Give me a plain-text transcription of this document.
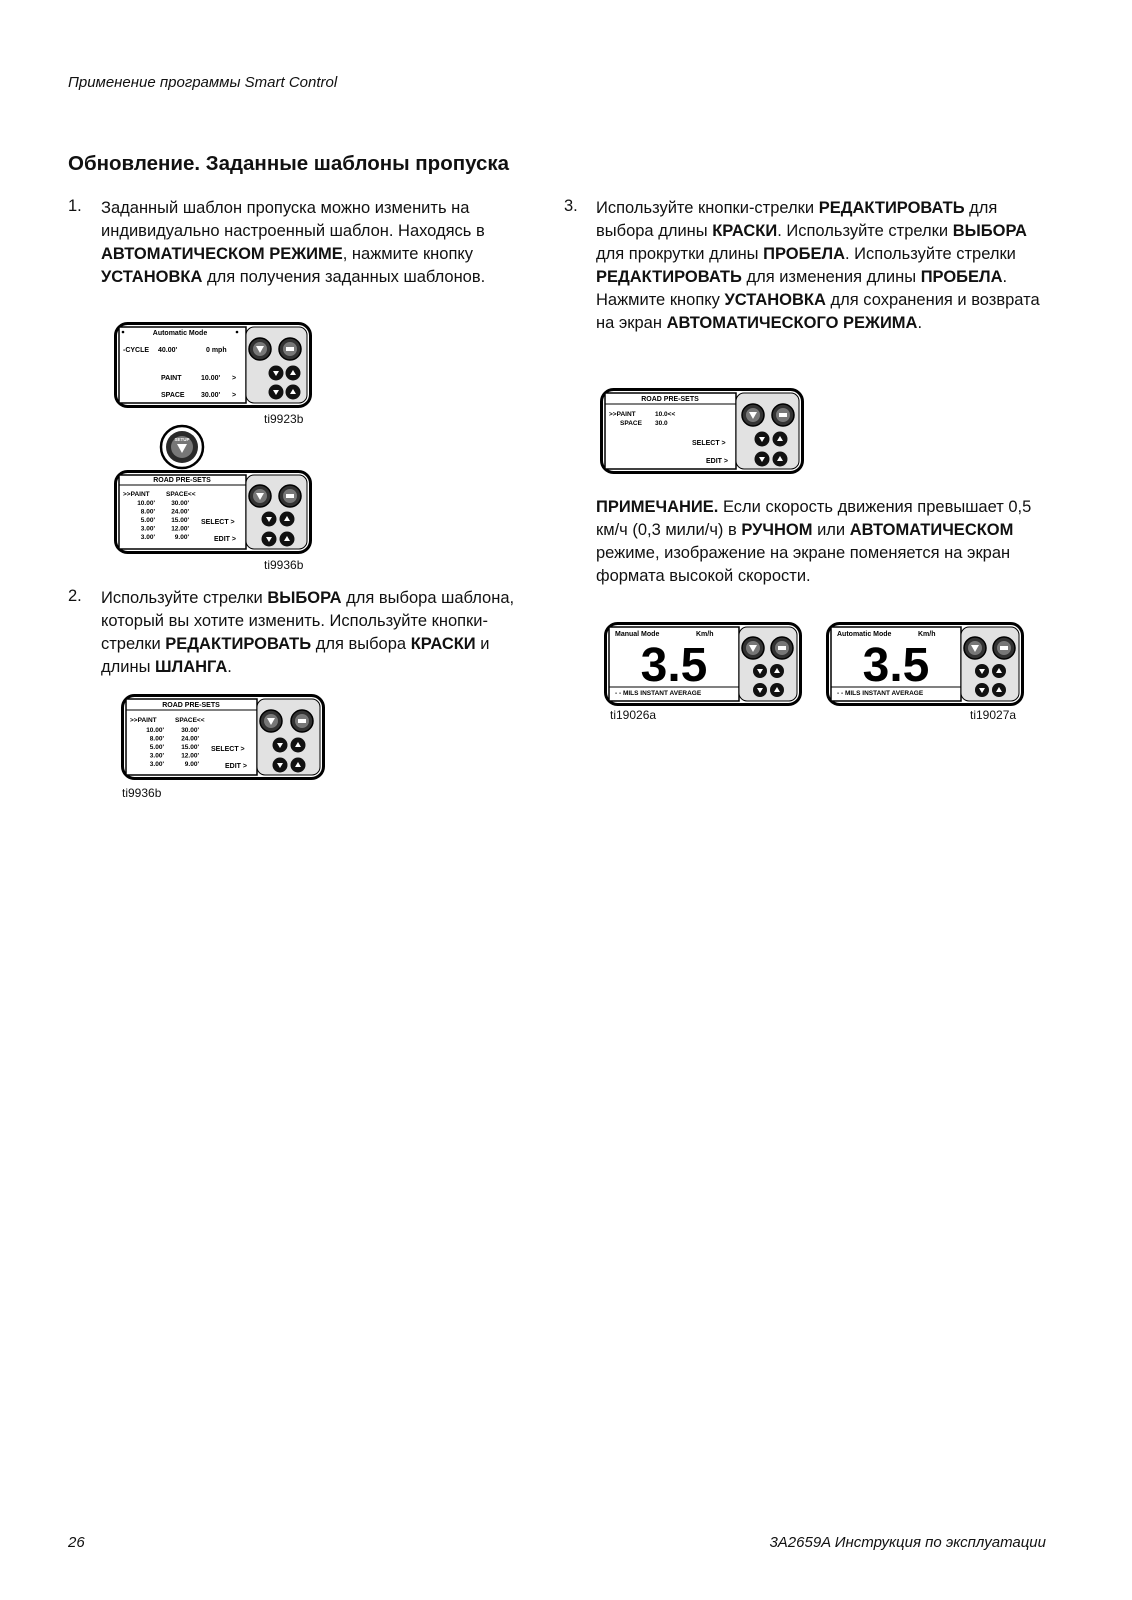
Применение программы Smart Control
Обновление. Заданные шаблоны пропуска
1. Заданный шаблон пропуска можно изменить на индивидуально настроенный шаблон. Находясь в АВТОМАТИЧЕСКОМ РЕЖИМЕ, нажмите кнопку УСТАНОВКА для получения заданных шаблонов.
Automatic Mode
-CYCLE 40.00'	0 mph
PAINT	10.00' >
SPACE 30.00' >
ti9923b
SETUP
ROAD PRE-SETS
>>PAINT	SPACE<<
10.00' 30.00'
8.00' 24.00'
5.00' 15.00'
3.00' 12.00'
3.00'	9.00'
SELECT >
EDIT >
ti9936b
2. Используйте стрелки ВЫБОРА для выбора шаблона, который вы хотите изменить. Используйте кнопки-стрелки РЕДАКТИРОВАТЬ для выбора КРАСКИ и длины ШЛАНГА.
ROAD PRE-SETS
>>PAINT	SPACE<<
10.00'	30.00'
8.00'	24.00'
5.00'	15.00'
3.00'	12.00'
3.00'	9.00'
SELECT >
EDIT >
ti9936b
3. Используйте кнопки-стрелки РЕДАКТИРОВАТЬ для выбора длины КРАСКИ. Используйте стрелки ВЫБОРА для прокрутки длины ПРОБЕЛА. Используйте стрелки РЕДАКТИРОВАТЬ для изменения длины ПРОБЕЛА. Нажмите кнопку УСТАНОВКА для сохранения и возврата на экран АВТОМАТИЧЕСКОГО РЕЖИМА.
ROAD PRE-SETS
>>PAINT	10.0<<
SPACE 30.0
SELECT >
EDIT >
ПРИМЕЧАНИЕ. Если скорость движения превышает 0,5 км/ч (0,3 мили/ч) в РУЧНОМ или АВТОМАТИЧЕСКОМ режиме, изображение на экране поменяется на экран формата высокой скорости.
Manual Mode	Km/h
3.5
- - MILS INSTANT AVERAGE
ti19026a
Automatic Mode	Km/h
3.5
- - MILS INSTANT AVERAGE
ti19027a
26	3A2659A Инструкция по эксплуатации
